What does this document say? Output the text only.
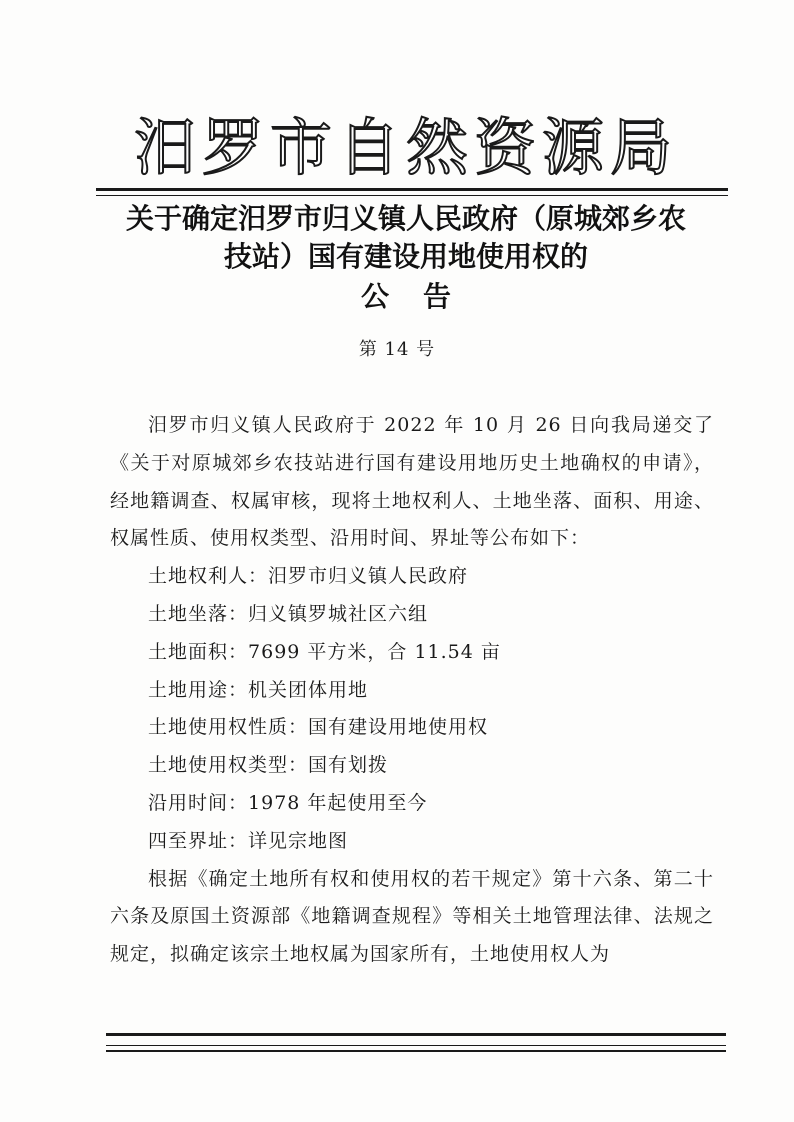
汨罗市自然资源局
关于确定汨罗市归义镇人民政府（原城郊乡农
技站）国有建设用地使用权的
公告
第 14 号

汨罗市归义镇人民政府于 2022 年 10 月 26 日向我局递交了《关于对原城郊乡农技站进行国有建设用地历史土地确权的申请》，经地籍调查、权属审核，现将土地权利人、土地坐落、面积、用途、权属性质、使用权类型、沿用时间、界址等公布如下：

土地权利人：汨罗市归义镇人民政府
土地坐落：归义镇罗城社区六组
土地面积：7699 平方米，合 11.54 亩
土地用途：机关团体用地
土地使用权性质：国有建设用地使用权
土地使用权类型：国有划拨
沿用时间：1978 年起使用至今
四至界址：详见宗地图

根据《确定土地所有权和使用权的若干规定》第十六条、第二十六条及原国土资源部《地籍调查规程》等相关土地管理法律、法规之规定，拟确定该宗土地权属为国家所有，土地使用权人为
